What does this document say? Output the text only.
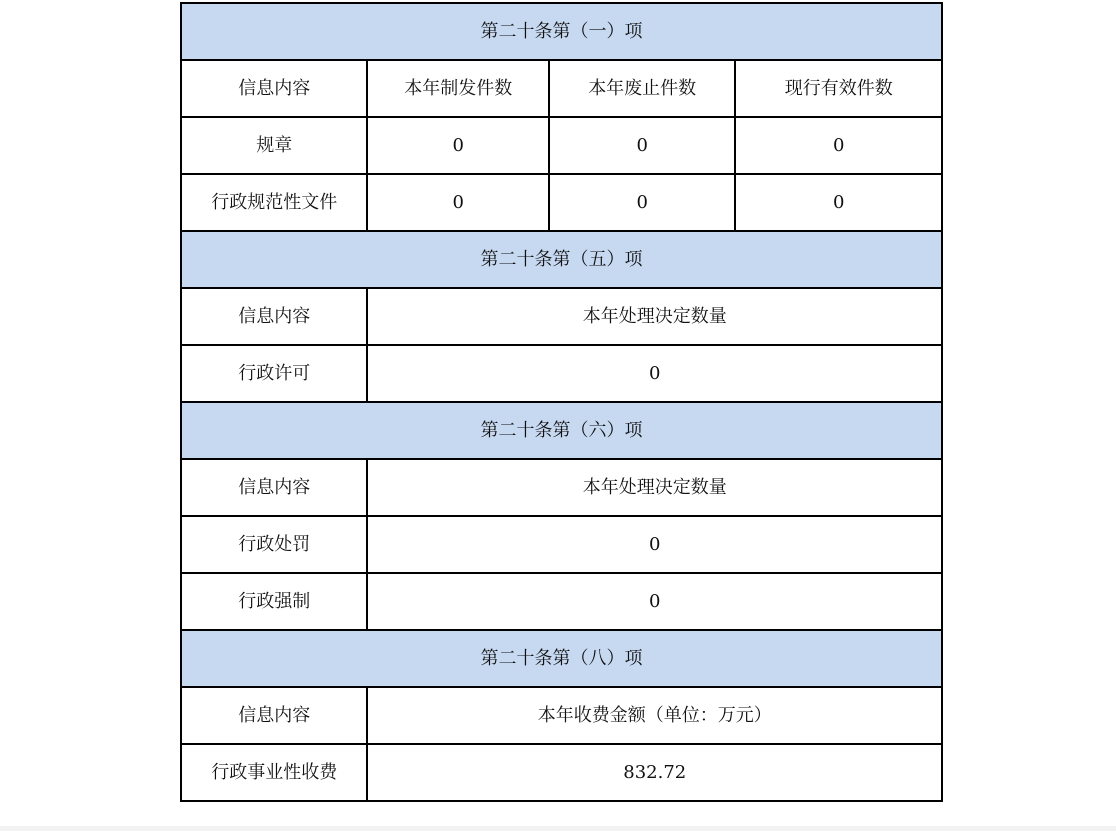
第二十条第（一）项			
信息内容	本年制发件数	本年废止件数	现行有效件数
规章	0	0	0
行政规范性文件	0	0	0
第二十条第（五）项			
信息内容	本年处理决定数量		
行政许可	0		
第二十条第（六）项			
信息内容	本年处理决定数量		
行政处罚	0		
行政强制	0		
第二十条第（八）项			
信息内容	本年收费金额（单位：万元）		
行政事业性收费	832.72		
